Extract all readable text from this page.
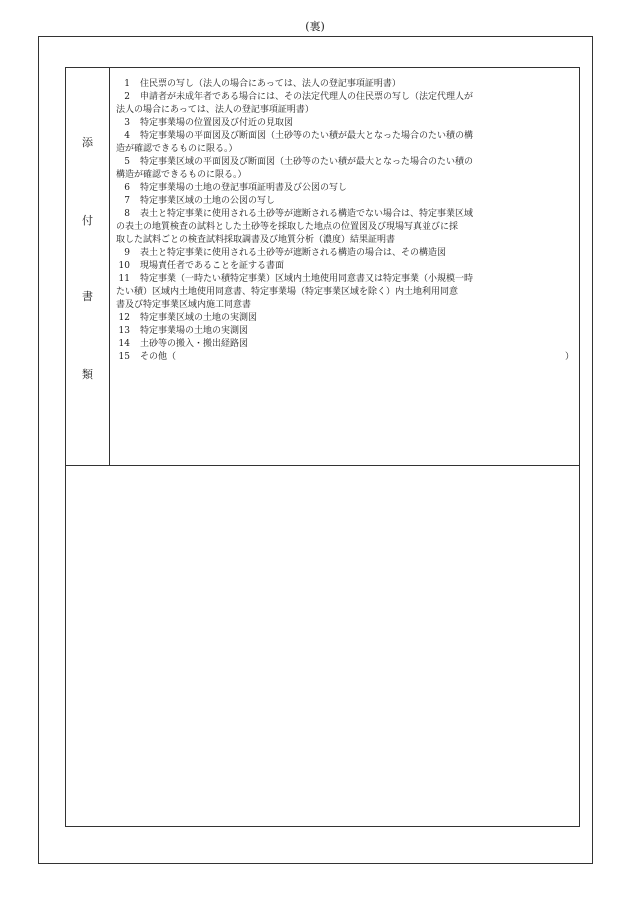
(裏)
添
付
書
類
1 住民票の写し（法人の場合にあっては、法人の登記事項証明書）
2 申請者が未成年者である場合には、その法定代理人の住民票の写し（法定代理人が
法人の場合にあっては、法人の登記事項証明書）
3 特定事業場の位置図及び付近の見取図
4 特定事業場の平面図及び断面図（土砂等のたい積が最大となった場合のたい積の構
造が確認できるものに限る。）
5 特定事業区域の平面図及び断面図（土砂等のたい積が最大となった場合のたい積の
構造が確認できるものに限る。）
6 特定事業場の土地の登記事項証明書及び公図の写し
7 特定事業区域の土地の公図の写し
8 表土と特定事業に使用される土砂等が遮断される構造でない場合は、特定事業区域
の表土の地質検査の試料とした土砂等を採取した地点の位置図及び現場写真並びに採
取した試料ごとの検査試料採取調書及び地質分析（濃度）結果証明書
9 表土と特定事業に使用される土砂等が遮断される構造の場合は、その構造図
10 現場責任者であることを証する書面
11 特定事業（一時たい積特定事業）区域内土地使用同意書又は特定事業（小規模一時
たい積）区域内土地使用同意書、特定事業場（特定事業区域を除く）内土地利用同意
書及び特定事業区域内施工同意書
12 特定事業区域の土地の実測図
13 特定事業場の土地の実測図
14 土砂等の搬入・搬出経路図
15 その他（	）
